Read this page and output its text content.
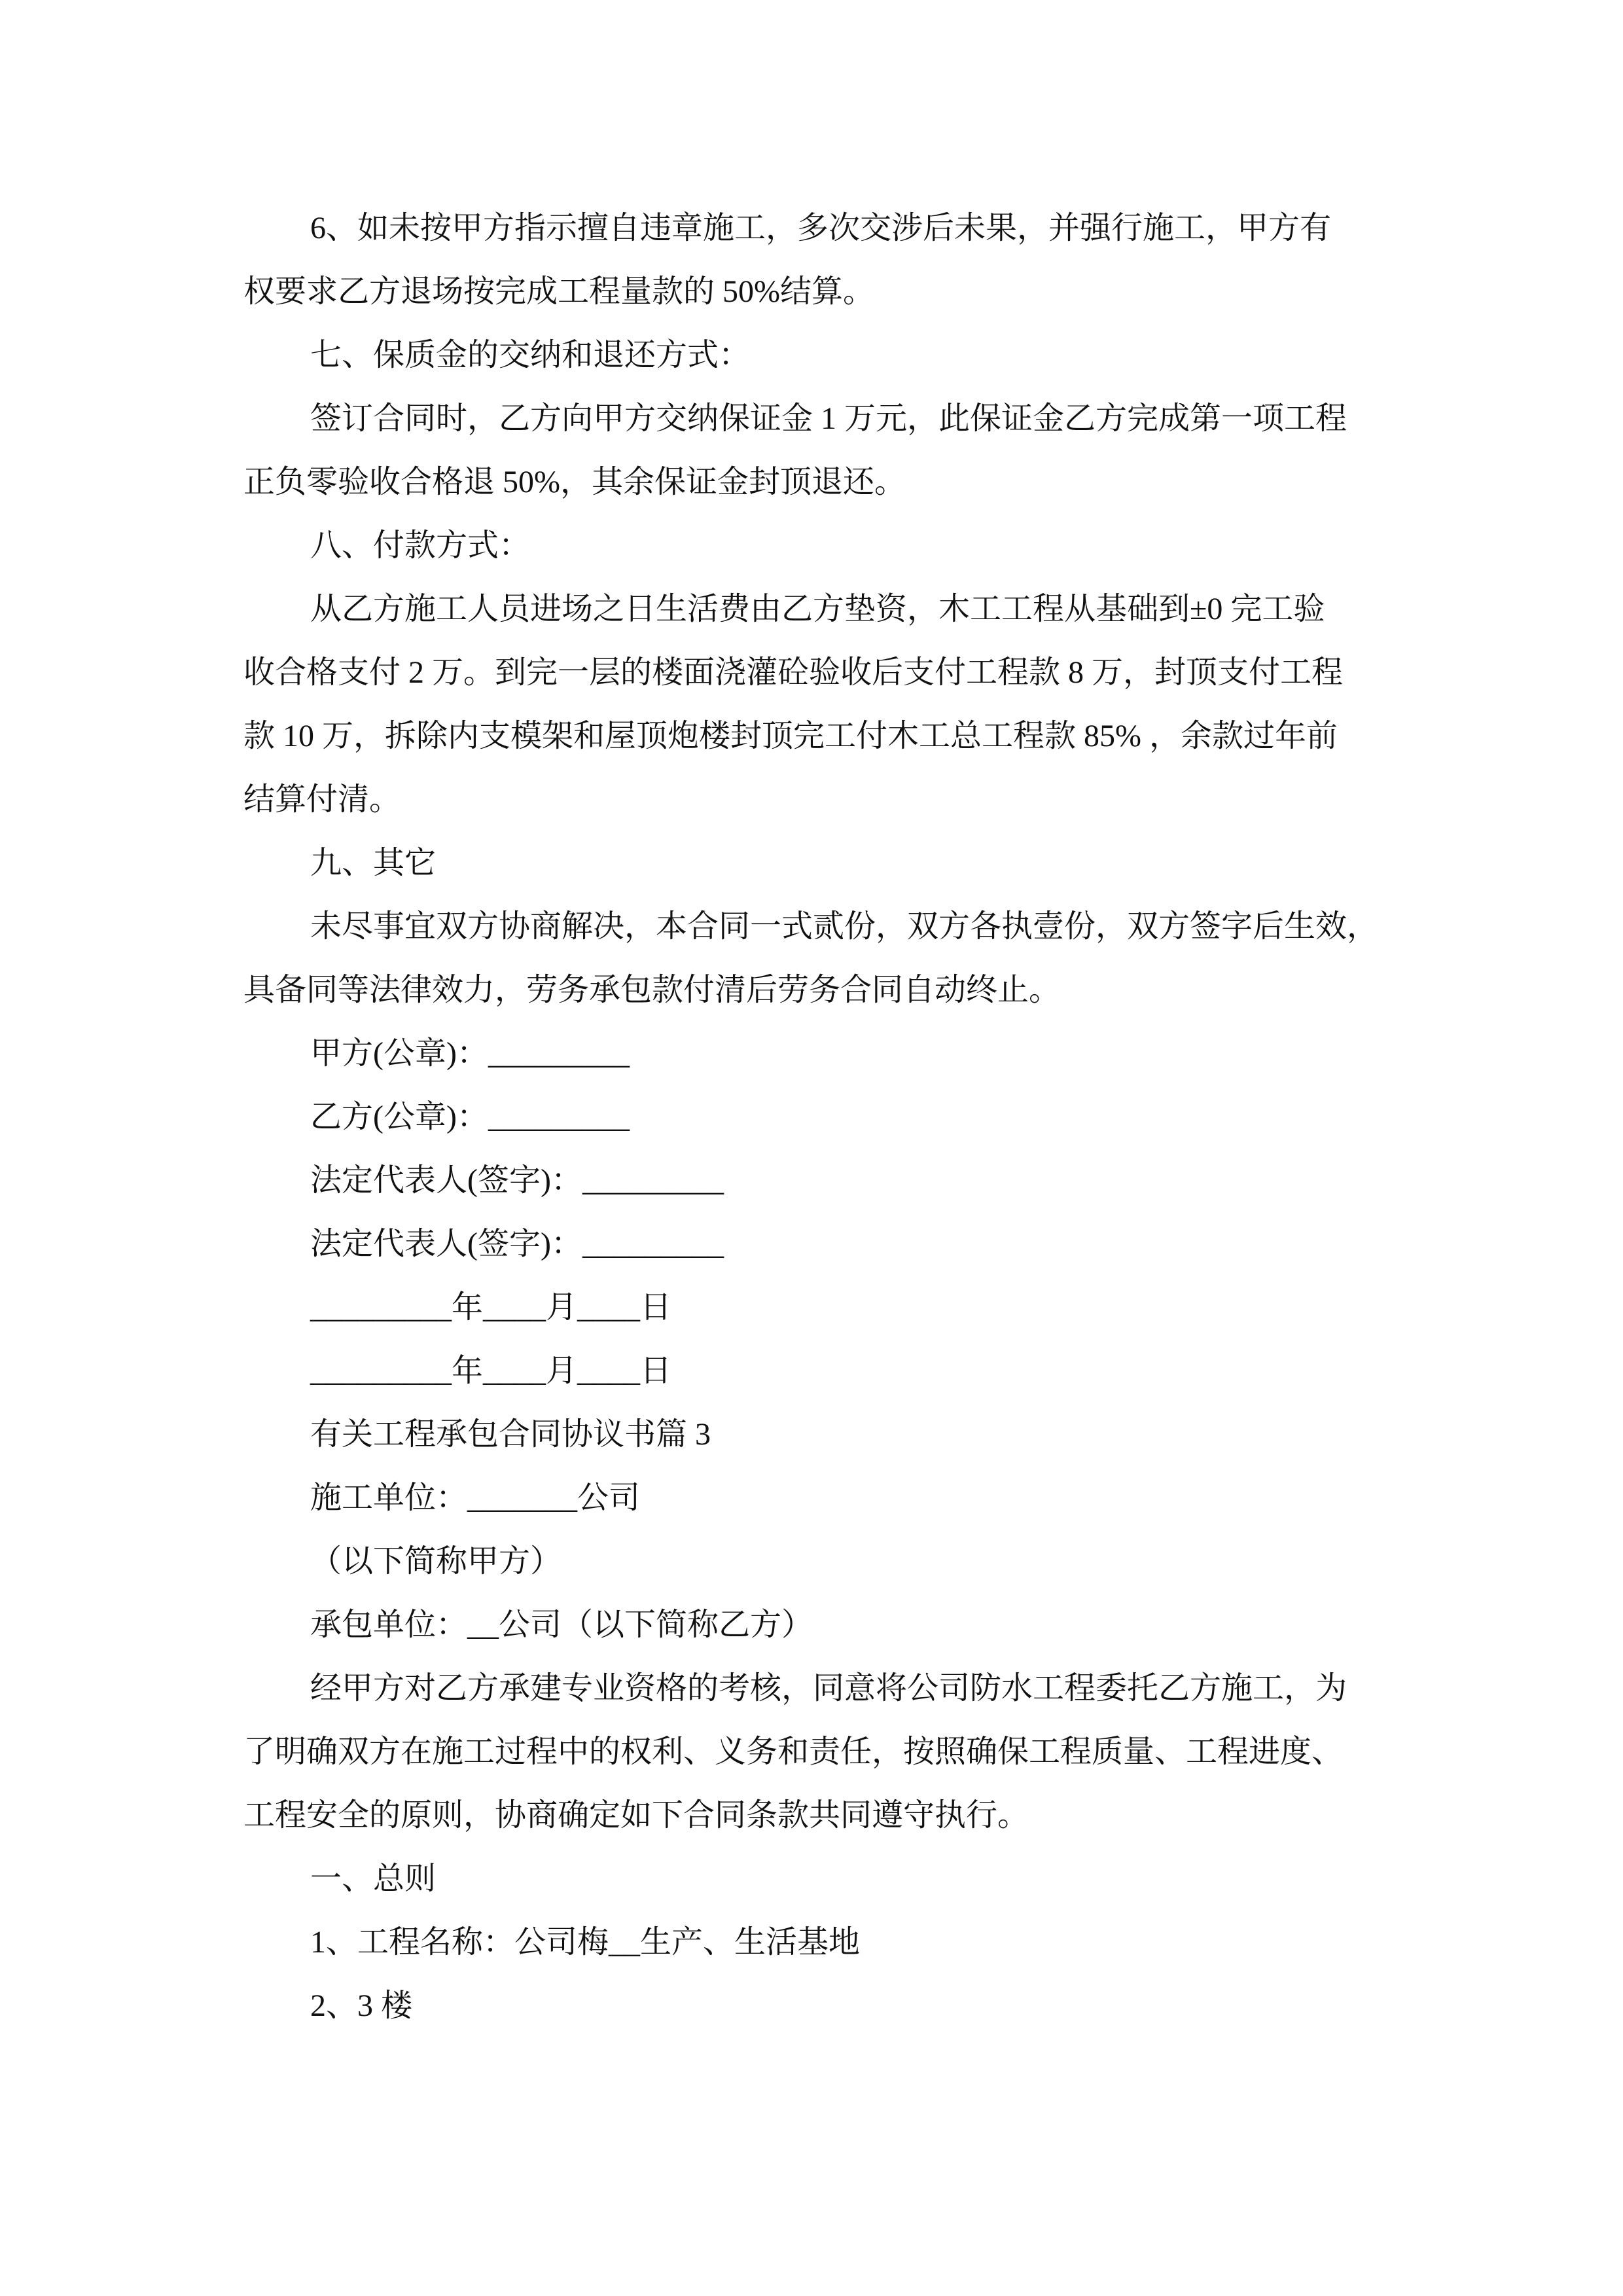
6、如未按甲方指示擅自违章施工，多次交涉后未果，并强行施工，甲方有
权要求乙方退场按完成工程量款的 50%结算。
七、保质金的交纳和退还方式：
签订合同时，乙方向甲方交纳保证金 1 万元，此保证金乙方完成第一项工程
正负零验收合格退 50%，其余保证金封顶退还。
八、付款方式：
从乙方施工人员进场之日生活费由乙方垫资，木工工程从基础到±0 完工验
收合格支付 2 万。到完一层的楼面浇灌砼验收后支付工程款 8 万，封顶支付工程
款 10 万，拆除内支模架和屋顶炮楼封顶完工付木工总工程款 85% ，余款过年前
结算付清。
九、其它
未尽事宜双方协商解决，本合同一式贰份，双方各执壹份，双方签字后生效，
具备同等法律效力，劳务承包款付清后劳务合同自动终止。
甲方(公章)：_________
乙方(公章)：_________
法定代表人(签字)：_________
法定代表人(签字)：_________
_________年____月____日
_________年____月____日
有关工程承包合同协议书篇 3
施工单位：_______公司
（以下简称甲方）
承包单位：__公司（以下简称乙方）
经甲方对乙方承建专业资格的考核，同意将公司防水工程委托乙方施工，为
了明确双方在施工过程中的权利、义务和责任，按照确保工程质量、工程进度、
工程安全的原则，协商确定如下合同条款共同遵守执行。
一、总则
1、工程名称：公司梅__生产、生活基地
2、3 楼
